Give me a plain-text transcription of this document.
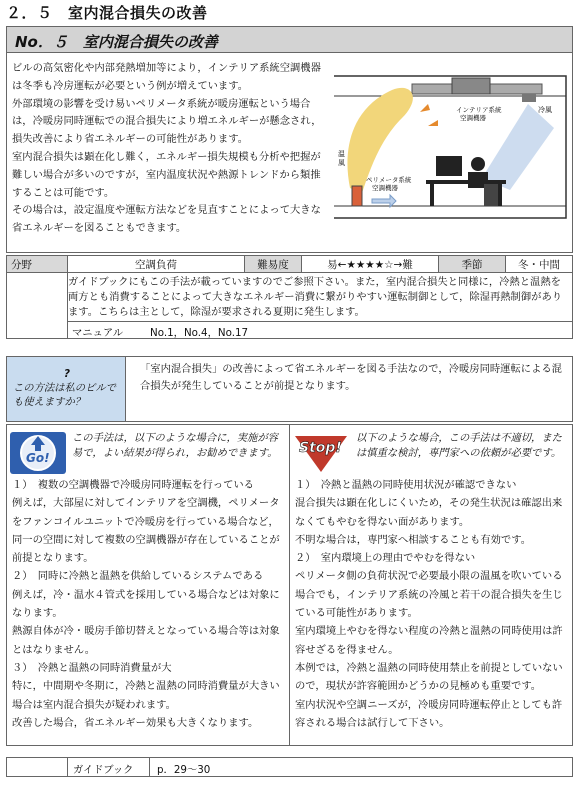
２．５　室内混合損失の改善
No．５　室内混合損失の改善

ビルの高気密化や内部発熱増加等により，インテリア系統空調機器は冬季も冷房運転が必要という例が増えています。

外部環境の影響を受け易いペリメータ系統が暖房運転という場合は，冷暖房同時運転での混合損失により増エネルギーが懸念され，損失改善により省エネルギーの可能性があります。

室内混合損失は顕在化し難く，エネルギー損失規模も分析や把握が難しい場合が多いのですが，室内温度状況や熱源トレンドから類推することは可能です。

その場合は，設定温度や運転方法などを見直すことによって大きな省エネルギーを図ることもできます。

インテリア系統
空調機器
冷風
温
風
ペリメータ系統
空調機器
分野	空調負荷	難易度	易←★★★★☆→難	季節	冬・中間
ガイドブックにもこの手法が載っていますのでご参照下さい。また，室内混合損失と同様に，冷熱と温熱を両方とも消費することによって大きなエネルギー消費に繋がりやすい運転制御として，除湿再熱制御があります。こちらは主として，除湿が要求される夏期に発生します。
マニュアル	No.1，No.4，No.17
?
この方法は私のビルでも使えますか？
「室内混合損失」の改善によって省エネルギーを図る手法なので，冷暖房同時運転による混合損失が発生していることが前提となります。
Go!
この手法は，以下のような場合に，実施が容易で，よい結果が得られ，お勧めできます。

１）　複数の空調機器で冷暖房同時運転を行っている

例えば，大部屋に対してインテリアを空調機，ペリメータをファンコイルユニットで冷暖房を行っている場合など，同一の空間に対して複数の空調機器が存在していることが前提となります。

２）　同時に冷熱と温熱を供給しているシステムである

例えば，冷・温水４管式を採用している場合などは対象になります。

熱源自体が冷・暖房手節切替えとなっている場合等は対象とはなりません。

３）　冷熱と温熱の同時消費量が大

特に，中間期や冬期に，冷熱と温熱の同時消費量が大きい場合は室内混合損失が疑われます。

改善した場合，省エネルギー効果も大きくなります。

Stop!
以下のような場合，この手法は不適切，または慎重な検討，専門家への依頼が必要です。

１）　冷熱と温熱の同時使用状況が確認できない

混合損失は顕在化しにくいため，その発生状況は確認出来なくてもやむを得ない面があります。

不明な場合は，専門家へ相談することも有効です。

２）　室内環境上の理由でやむを得ない

ペリメータ側の負荷状況で必要最小限の温風を吹いている場合でも，インテリア系統の冷風と若干の混合損失を生じている可能性があります。

室内環境上やむを得ない程度の冷熱と温熱の同時使用は許容せざるを得ません。

本例では，冷熱と温熱の同時使用禁止を前提としていないので，現状が許容範囲かどうかの見極めも重要です。

室内状況や空調ニーズが，冷暖房同時運転停止としても許容される場合は試行して下さい。

ガイドブック p．29～30
